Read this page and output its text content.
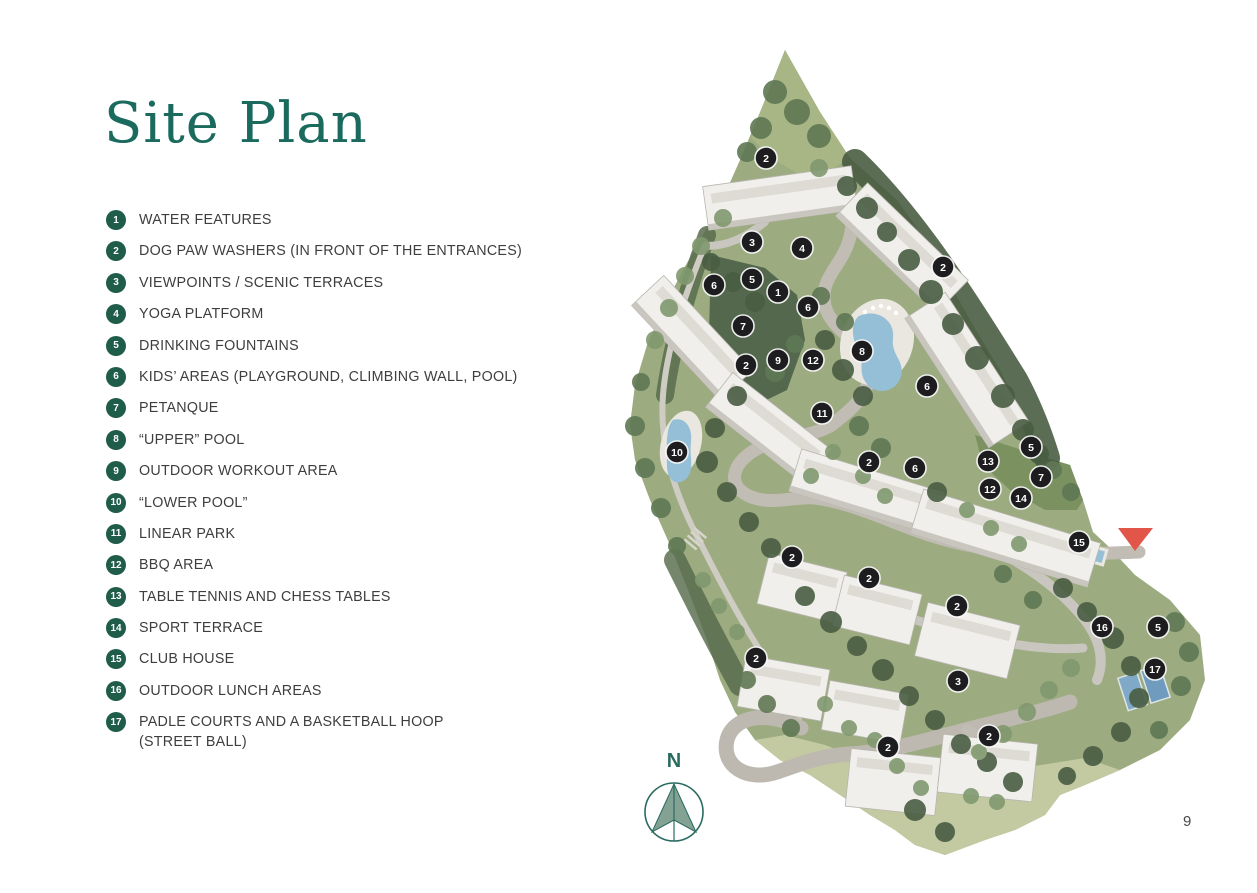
Site Plan
1	WATER FEATURES
2	DOG PAW WASHERS (IN FRONT OF THE ENTRANCES)
3	VIEWPOINTS / SCENIC TERRACES
4	YOGA PLATFORM
5	DRINKING FOUNTAINS
6	KIDS’ AREAS (PLAYGROUND, CLIMBING WALL, POOL)
7	PETANQUE
8	“UPPER” POOL
9	OUTDOOR WORKOUT AREA
10	“LOWER POOL”
11	LINEAR PARK
12	BBQ AREA
13	TABLE TENNIS AND CHESS TABLES
14	SPORT TERRACE
15	CLUB HOUSE
16	OUTDOOR LUNCH AREAS
17	PADLE COURTS AND A BASKETBALL HOOP
(STREET BALL)
2
3	4
2
5
6
1
6
7
8
9 12
2
6
11
10	5
13
7
12
14
2	6
15
2
2
2
16	5
17
2
3
2
2
N
9
